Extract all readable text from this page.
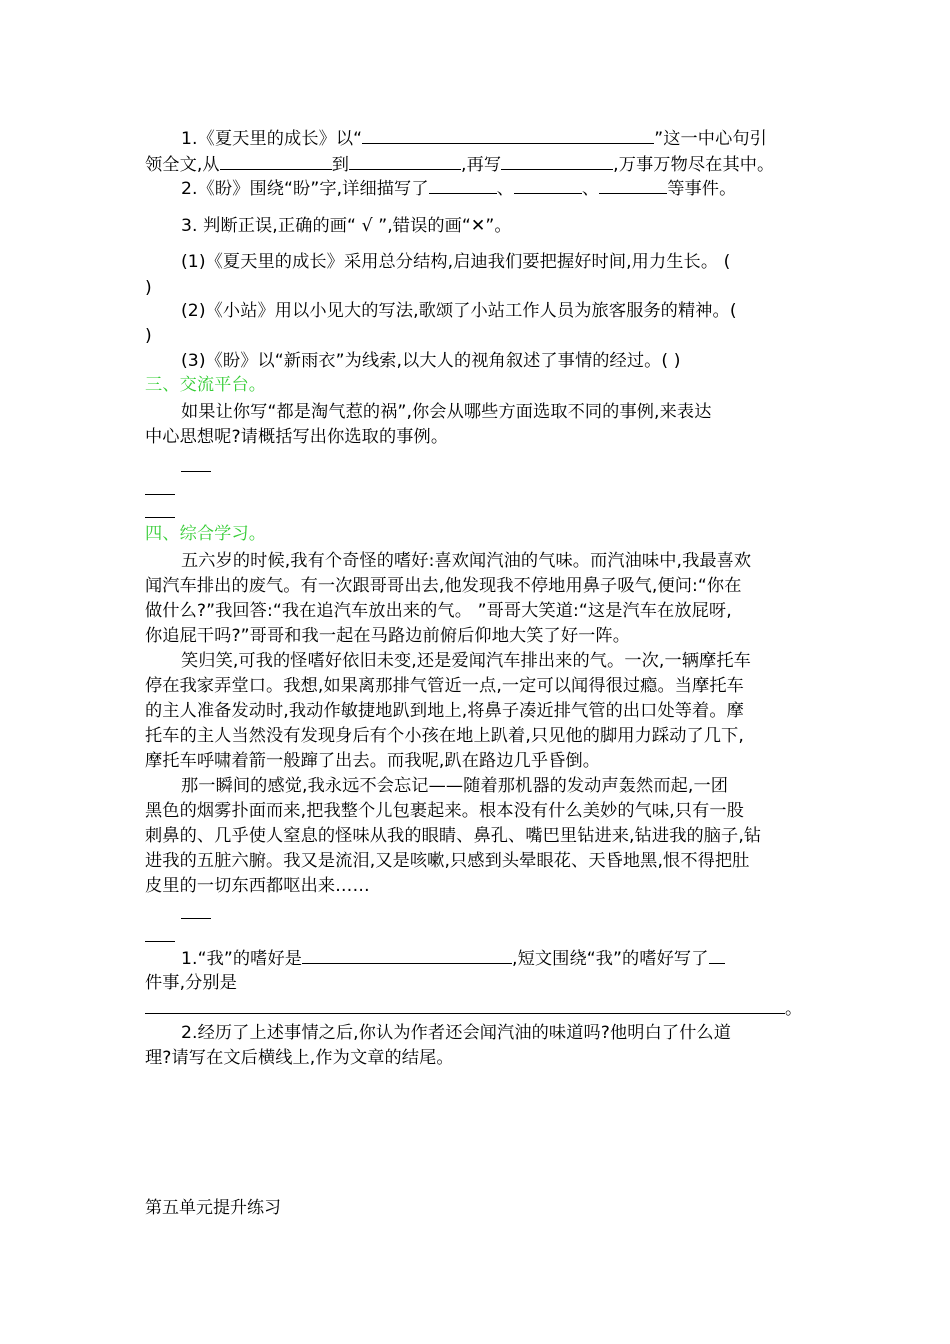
1.《夏天里的成长》以“	”这一中心句引
领全文,从	到	,再写	,万事万物尽在其中。
2.《盼》围绕“盼”字,详细描写了	、	、	等事件。
3. 判断正误,正确的画“ √ ”,错误的画“✕”。
(1)《夏天里的成长》采用总分结构,启迪我们要把握好时间,用力生长。 (
)
(2)《小站》用以小见大的写法,歌颂了小站工作人员为旅客服务的精神。(
)
(3)《盼》以“新雨衣”为线索,以大人的视角叙述了事情的经过。( )
三、交流平台。
如果让你写“都是淘气惹的祸”,你会从哪些方面选取不同的事例,来表达
中心思想呢?请概括写出你选取的事例。
四、综合学习。
五六岁的时候,我有个奇怪的嗜好:喜欢闻汽油的气味。而汽油味中,我最喜欢
闻汽车排出的废气。有一次跟哥哥出去,他发现我不停地用鼻子吸气,便问:“你在
做什么?”我回答:“我在追汽车放出来的气。 ”哥哥大笑道:“这是汽车在放屁呀,
你追屁干吗?”哥哥和我一起在马路边前俯后仰地大笑了好一阵。
笑归笑,可我的怪嗜好依旧未变,还是爱闻汽车排出来的气。一次,一辆摩托车
停在我家弄堂口。我想,如果离那排气管近一点,一定可以闻得很过瘾。当摩托车
的主人准备发动时,我动作敏捷地趴到地上,将鼻子凑近排气管的出口处等着。摩
托车的主人当然没有发现身后有个小孩在地上趴着,只见他的脚用力踩动了几下,
摩托车呼啸着箭一般蹿了出去。而我呢,趴在路边几乎昏倒。
那一瞬间的感觉,我永远不会忘记——随着那机器的发动声轰然而起,一团
黑色的烟雾扑面而来,把我整个儿包裹起来。根本没有什么美妙的气味,只有一股
刺鼻的、几乎使人窒息的怪味从我的眼睛、鼻孔、嘴巴里钻进来,钻进我的脑子,钻
进我的五脏六腑。我又是流泪,又是咳嗽,只感到头晕眼花、天昏地黑,恨不得把肚
皮里的一切东西都呕出来……
1.“我”的嗜好是	,短文围绕“我”的嗜好写了
件事,分别是
。
2.经历了上述事情之后,你认为作者还会闻汽油的味道吗?他明白了什么道
理?请写在文后横线上,作为文章的结尾。
第五单元提升练习
